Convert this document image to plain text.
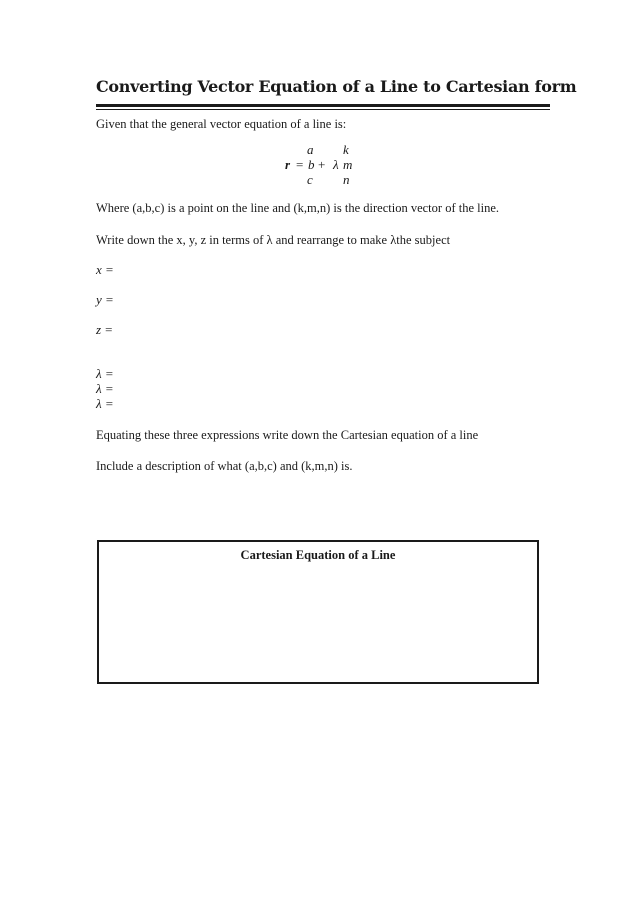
Converting Vector Equation of a Line to Cartesian form
Given that the general vector equation of a line is:
a k
r = b + λ m
c n
Where (a,b,c) is a point on the line and (k,m,n) is the direction vector of the line.
Write down the x, y, z in terms of λ and rearrange to make λthe subject
x =
y =
z =
λ =
λ =
λ =
Equating these three expressions write down the Cartesian equation of a line
Include a description of what (a,b,c) and (k,m,n) is.
Cartesian Equation of a Line
